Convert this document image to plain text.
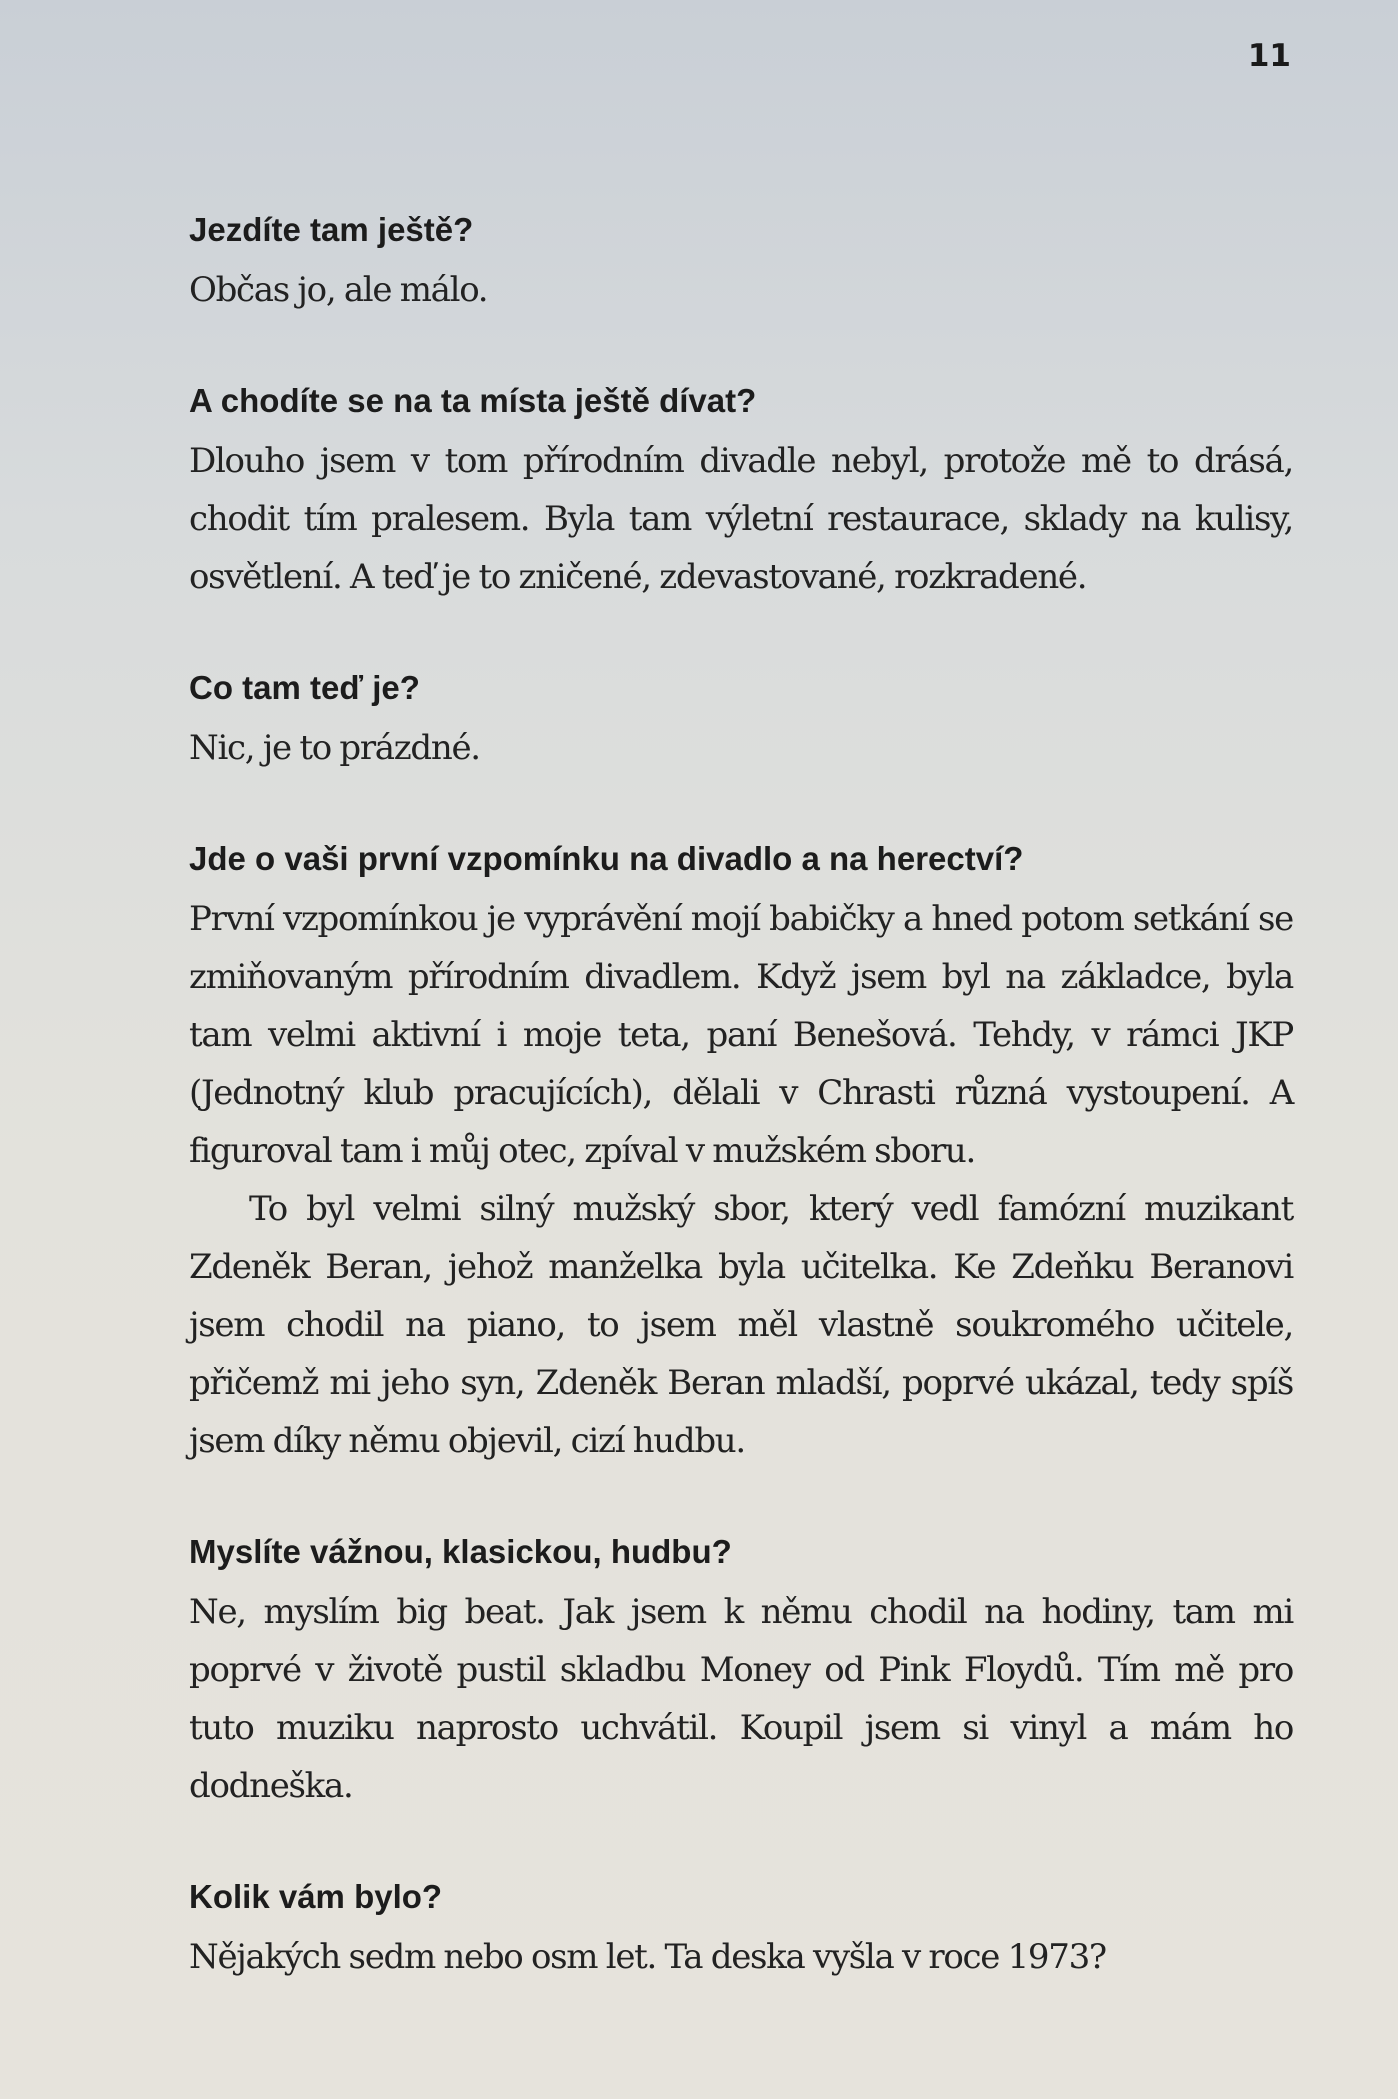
11
Jezdíte tam ještě?

Občas jo, ale málo.

A chodíte se na ta místa ještě dívat?

Dlouho jsem v tom přírodním divadle nebyl, protože mě to drásá, chodit tím pralesem. Byla tam výletní restaurace, sklady na kulisy, osvětlení. A teď je to zničené, zdevastované, rozkradené.

Co tam teď je?

Nic, je to prázdné.

Jde o vaši první vzpomínku na divadlo a na herectví?

První vzpomínkou je vyprávění mojí babičky a hned potom setkání se zmiňovaným přírodním divadlem. Když jsem byl na základce, byla tam velmi aktivní i moje teta, paní Benešová. Tehdy, v rámci JKP (Jednotný klub pracujících), dělali v Chrasti různá vystoupení. A figuroval tam i můj otec, zpíval v mužském sboru.

To byl velmi silný mužský sbor, který vedl famózní muzikant Zdeněk Beran, jehož manželka byla učitelka. Ke Zdeňku Beranovi jsem chodil na piano, to jsem měl vlastně soukromého učitele, přičemž mi jeho syn, Zdeněk Beran mladší, poprvé ukázal, tedy spíš jsem díky němu objevil, cizí hudbu.

Myslíte vážnou, klasickou, hudbu?

Ne, myslím big beat. Jak jsem k němu chodil na hodiny, tam mi poprvé v životě pustil skladbu Money od Pink Floydů. Tím mě pro tuto muziku naprosto uchvátil. Koupil jsem si vinyl a mám ho dodneška.

Kolik vám bylo?

Nějakých sedm nebo osm let. Ta deska vyšla v roce 1973?
